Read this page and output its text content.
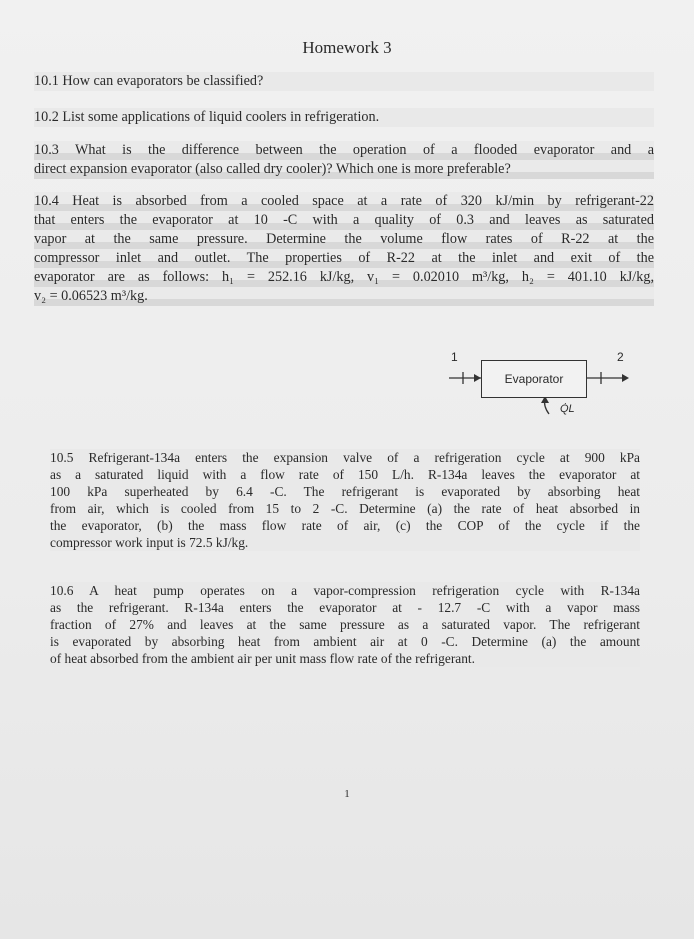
Homework 3
10.1 How can evaporators be classified?
10.2 List some applications of liquid coolers in refrigeration.
10.3 What is the difference between the operation of a flooded evaporator and a
direct expansion evaporator (also called dry cooler)? Which one is more preferable?
10.4 Heat is absorbed from a cooled space at a rate of 320 kJ/min by refrigerant-22
that enters the evaporator at 10 -C with a quality of 0.3 and leaves as saturated
vapor at the same pressure. Determine the volume flow rates of R-22 at the
compressor inlet and outlet. The properties of R-22 at the inlet and exit of the
evaporator are as follows: h₁ = 252.16 kJ/kg, v₁ = 0.02010 m³/kg, h₂ = 401.10 kJ/kg,
v₂ = 0.06523 m³/kg.
1	2
Evaporator
Q̇L
10.5 Refrigerant-134a enters the expansion valve of a refrigeration cycle at 900 kPa
as a saturated liquid with a flow rate of 150 L/h. R-134a leaves the evaporator at
100 kPa superheated by 6.4 -C. The refrigerant is evaporated by absorbing heat
from air, which is cooled from 15 to 2 -C. Determine (a) the rate of heat absorbed in
the evaporator, (b) the mass flow rate of air, (c) the COP of the cycle if the
compressor work input is 72.5 kJ/kg.
10.6 A heat pump operates on a vapor-compression refrigeration cycle with R-134a
as the refrigerant. R-134a enters the evaporator at - 12.7 -C with a vapor mass
fraction of 27% and leaves at the same pressure as a saturated vapor. The refrigerant
is evaporated by absorbing heat from ambient air at 0 -C. Determine (a) the amount
of heat absorbed from the ambient air per unit mass flow rate of the refrigerant.
1
